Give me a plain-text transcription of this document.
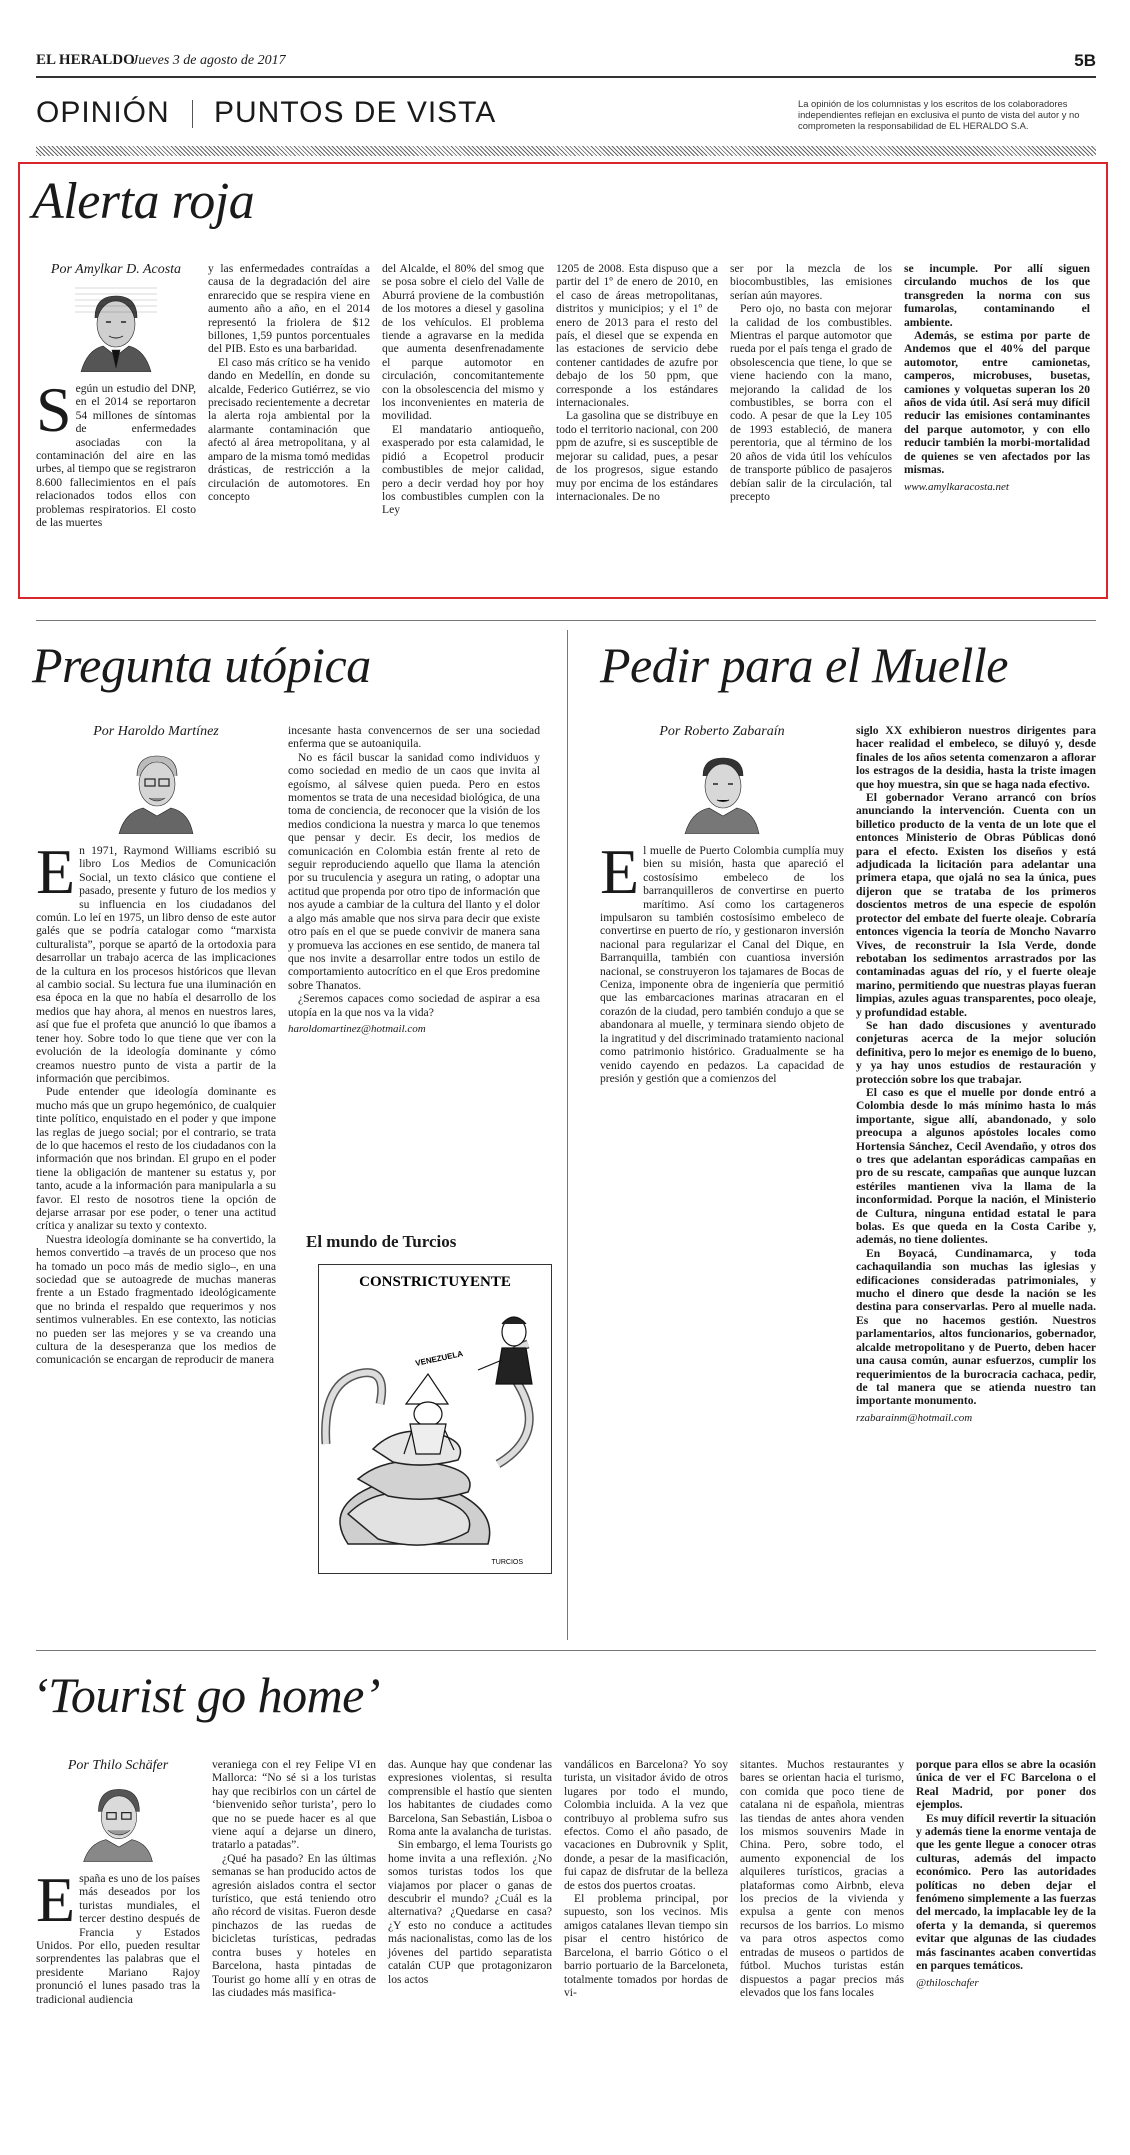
EL HERALDO
Jueves 3 de agosto de 2017	5B
OPINIÓN PUNTOS DE VISTA	La opinión de los columnistas y los escritos de los colaboradores independientes reflejan en exclusiva el punto de vista del autor y no comprometen la responsabilidad de EL HERALDO S.A.
Alerta roja
Por Amylkar D. Acosta

Según un estudio del DNP, en el 2014 se reportaron 54 millones de síntomas de enfermedades asociadas con la contaminación del aire en las urbes, al tiempo que se registraron 8.600 fallecimientos en el país relacionados todos ellos con problemas respiratorios. El costo de las muertes

y las enfermedades contraídas a causa de la degradación del aire enrarecido que se respira viene en aumento año a año, en el 2014 representó la friolera de $12 billones, 1,59 puntos porcentuales del PIB. Esto es una barbaridad.

El caso más crítico se ha venido dando en Medellín, en donde su alcalde, Federico Gutiérrez, se vio precisado recientemente a decretar la alerta roja ambiental por la alarmante contaminación que afectó al área metropolitana, y al amparo de la misma tomó medidas drásticas, de restricción a la circulación de automotores. En concepto

del Alcalde, el 80% del smog que se posa sobre el cielo del Valle de Aburrá proviene de la combustión de los motores a diesel y gasolina de los vehículos. El problema tiende a agravarse en la medida que aumenta desenfrenadamente el parque automotor en circulación, concomitantemente con la obsolescencia del mismo y los inconvenientes en materia de movilidad.

El mandatario antioqueño, exasperado por esta calamidad, le pidió a Ecopetrol producir combustibles de mejor calidad, pero a decir verdad hoy por hoy los combustibles cumplen con la Ley

1205 de 2008. Esta dispuso que a partir del 1º de enero de 2010, en el caso de áreas metropolitanas, distritos y municipios; y el 1º de enero de 2013 para el resto del país, el diesel que se expenda en las estaciones de servicio debe contener cantidades de azufre por debajo de los 50 ppm, que corresponde a los estándares internacionales.

La gasolina que se distribuye en todo el territorio nacional, con 200 ppm de azufre, si es susceptible de mejorar su calidad, pues, a pesar de los progresos, sigue estando muy por encima de los estándares internacionales. De no

ser por la mezcla de los biocombustibles, las emisiones serían aún mayores.

Pero ojo, no basta con mejorar la calidad de los combustibles. Mientras el parque automotor que rueda por el país tenga el grado de obsolescencia que tiene, lo que se viene haciendo con la mano, mejorando la calidad de los combustibles, se borra con el codo. A pesar de que la Ley 105 de 1993 estableció, de manera perentoria, que al término de los 20 años de vida útil los vehículos de transporte público de pasajeros debían salir de la circulación, tal precepto

se incumple. Por allí siguen circulando muchos de los que transgreden la norma con sus fumarolas, contaminando el ambiente.

Además, se estima por parte de Andemos que el 40% del parque automotor, entre camionetas, camperos, microbuses, busetas, camiones y volquetas superan los 20 años de vida útil. Así será muy difícil reducir las emisiones contaminantes del parque automotor, y con ello reducir también la morbi-mortalidad de quienes se ven afectados por las mismas.

www.amylkaracosta.net
Pregunta utópica
Por Haroldo Martínez

En 1971, Raymond Williams escribió su libro Los Medios de Comunicación Social, un texto clásico que contiene el pasado, presente y futuro de los medios y su influencia en los ciudadanos del común. Lo leí en 1975, un libro denso de este autor galés que se podría catalogar como “marxista culturalista”, porque se apartó de la ortodoxia para desarrollar un trabajo acerca de las implicaciones de la cultura en los procesos históricos que llevan al cambio social. Su lectura fue una iluminación en esa época en la que no había el desarrollo de los medios que hay ahora, al menos en nuestros lares, así que fue el profeta que anunció lo que íbamos a tener hoy. Sobre todo lo que tiene que ver con la evolución de la ideología dominante y cómo creamos nuestro punto de vista a partir de la información que percibimos.

Pude entender que ideología dominante es mucho más que un grupo hegemónico, de cualquier tinte político, enquistado en el poder y que impone las reglas de juego social; por el contrario, se trata de lo que hacemos el resto de los ciudadanos con la información que nos brindan. El grupo en el poder tiene la obligación de mantener su estatus y, por tanto, acude a la información para manipularla a su favor. El resto de nosotros tiene la opción de dejarse arrasar por ese poder, o tener una actitud crítica y analizar su texto y contexto.

Nuestra ideología dominante se ha convertido, la hemos convertido –a través de un proceso que nos ha tomado un poco más de medio siglo–, en una sociedad que se autoagrede de muchas maneras frente a un Estado fragmentado ideológicamente que no brinda el respaldo que requerimos y nos sentimos vulnerables. En ese contexto, las noticias no pueden ser las mejores y se va creando una cultura de la desesperanza que los medios de comunicación se encargan de reproducir de manera

incesante hasta convencernos de ser una sociedad enferma que se autoaniquila.

No es fácil buscar la sanidad como individuos y como sociedad en medio de un caos que invita al egoísmo, al sálvese quien pueda. Pero en estos momentos se trata de una necesidad biológica, de una toma de conciencia, de reconocer que la visión de los medios condiciona la nuestra y marca lo que tenemos que pensar y decir. Es decir, los medios de comunicación en Colombia están frente al reto de seguir reproduciendo aquello que llama la atención por su truculencia y asegura un rating, o adoptar una actitud que propenda por otro tipo de información que nos ayude a cambiar de la cultura del llanto y el dolor a algo más amable que nos sirva para decir que existe otro país en el que se puede convivir de manera sana y promueva las acciones en ese sentido, de manera tal que nos invite a desarrollar entre todos un estilo de comportamiento autocrítico en el que Eros predomine sobre Thanatos.

¿Seremos capaces como sociedad de aspirar a esa utopía en la que nos va la vida?

haroldomartinez@hotmail.com
El mundo de Turcios
CONSTRICTUYENTE
VENEZUELA
TURCIOS
Pedir para el Muelle
Por Roberto Zabaraín

El muelle de Puerto Colombia cumplía muy bien su misión, hasta que apareció el costosísimo embeleco de los barranquilleros de convertirse en puerto marítimo. Así como los cartageneros impulsaron su también costosísimo embeleco de convertirse en puerto de río, y gestionaron inversión nacional para regularizar el Canal del Dique, en Barranquilla, también con cuantiosa inversión nacional, se construyeron los tajamares de Bocas de Ceniza, imponente obra de ingeniería que permitió que las embarcaciones marinas atracaran en el corazón de la ciudad, pero también condujo a que se abandonara al muelle, y terminara siendo objeto de la ingratitud y del discriminado tratamiento nacional como patrimonio histórico. Gradualmente se ha venido cayendo en pedazos. La capacidad de presión y gestión que a comienzos del

siglo XX exhibieron nuestros dirigentes para hacer realidad el embeleco, se diluyó y, desde finales de los años setenta comenzaron a aflorar los estragos de la desidia, hasta la triste imagen que hoy muestra, sin que se haga nada efectivo.

El gobernador Verano arrancó con bríos anunciando la intervención. Cuenta con un billetico producto de la venta de un lote que el entonces Ministerio de Obras Públicas donó para el efecto. Existen los diseños y está adjudicada la licitación para adelantar una primera etapa, que ojalá no sea la única, pues dijeron que se trataba de los primeros doscientos metros de una especie de espolón protector del embate del fuerte oleaje. Cobraría entonces vigencia la teoría de Moncho Navarro Vives, de reconstruir la Isla Verde, donde rebotaban los sedimentos arrastrados por las contaminadas aguas del río, y el fuerte oleaje marino, permitiendo que nuestras playas fueran limpias, azules aguas transparentes, poco oleaje, y profundidad estable.

Se han dado discusiones y aventurado conjeturas acerca de la mejor solución definitiva, pero lo mejor es enemigo de lo bueno, y ya hay unos estudios de restauración y protección sobre los que trabajar.

El caso es que el muelle por donde entró a Colombia desde lo más mínimo hasta lo más importante, sigue allí, abandonado, y solo preocupa a algunos apóstoles locales como Hortensia Sánchez, Cecil Avendaño, y otros dos o tres que adelantan esporádicas campañas en pro de su rescate, campañas que aunque luzcan estériles mantienen viva la llama de la inconformidad. Porque la nación, el Ministerio de Cultura, ninguna entidad estatal le para bolas. Es que queda en la Costa Caribe y, además, no tiene dolientes.

En Boyacá, Cundinamarca, y toda cachaquilandia son muchas las iglesias y edificaciones consideradas patrimoniales, y mucho el dinero que desde la nación se les destina para conservarlas. Pero al muelle nada. Es que no hacemos gestión. Nuestros parlamentarios, altos funcionarios, gobernador, alcalde metropolitano y de Puerto, deben hacer una causa común, aunar esfuerzos, cumplir los requerimientos de la burocracia cachaca, pedir, de tal manera que se atienda nuestro tan importante monumento.

rzabarainm@hotmail.com
‘Tourist go home’
Por Thilo Schäfer

España es uno de los países más deseados por los turistas mundiales, el tercer destino después de Francia y Estados Unidos. Por ello, pueden resultar sorprendentes las palabras que el presidente Mariano Rajoy pronunció el lunes pasado tras la tradicional audiencia

veraniega con el rey Felipe VI en Mallorca: “No sé si a los turistas hay que recibirlos con un cártel de ‘bienvenido señor turista’, pero lo que no se puede hacer es al que viene aquí a dejarse un dinero, tratarlo a patadas”.

¿Qué ha pasado? En las últimas semanas se han producido actos de agresión aislados contra el sector turístico, que está teniendo otro año récord de visitas. Fueron desde pinchazos de las ruedas de bicicletas turísticas, pedradas contra buses y hoteles en Barcelona, hasta pintadas de Tourist go home allí y en otras de las ciudades más masifica-

das. Aunque hay que condenar las expresiones violentas, si resulta comprensible el hastío que sienten los habitantes de ciudades como Barcelona, San Sebastián, Lisboa o Roma ante la avalancha de turistas.

Sin embargo, el lema Tourists go home invita a una reflexión. ¿No somos turistas todos los que viajamos por placer o ganas de descubrir el mundo? ¿Cuál es la alternativa? ¿Quedarse en casa? ¿Y esto no conduce a actitudes más nacionalistas, como las de los jóvenes del partido separatista catalán CUP que protagonizaron los actos

vandálicos en Barcelona? Yo soy turista, un visitador ávido de otros lugares por todo el mundo, Colombia incluida. A la vez que contribuyo al problema sufro sus efectos. Como el año pasado, de vacaciones en Dubrovnik y Split, donde, a pesar de la masificación, fui capaz de disfrutar de la belleza de estos dos puertos croatas.

El problema principal, por supuesto, son los vecinos. Mis amigos catalanes llevan tiempo sin pisar el centro histórico de Barcelona, el barrio Gótico o el barrio portuario de la Barceloneta, totalmente tomados por hordas de vi-

sitantes. Muchos restaurantes y bares se orientan hacia el turismo, con comida que poco tiene de catalana ni de española, mientras las tiendas de antes ahora venden los mismos souvenirs Made in China. Pero, sobre todo, el aumento exponencial de los alquileres turísticos, gracias a plataformas como Airbnb, eleva los precios de la vivienda y expulsa a gente con menos recursos de los barrios. Lo mismo va para otros aspectos como entradas de museos o partidos de fútbol. Muchos turistas están dispuestos a pagar precios más elevados que los fans locales

porque para ellos se abre la ocasión única de ver el FC Barcelona o el Real Madrid, por poner dos ejemplos.

Es muy difícil revertir la situación y además tiene la enorme ventaja de que les gente llegue a conocer otras culturas, además del impacto económico. Pero las autoridades políticas no deben dejar el fenómeno simplemente a las fuerzas del mercado, la implacable ley de la oferta y la demanda, si queremos evitar que algunas de las ciudades más fascinantes acaben convertidas en parques temáticos.

@thiloschafer
